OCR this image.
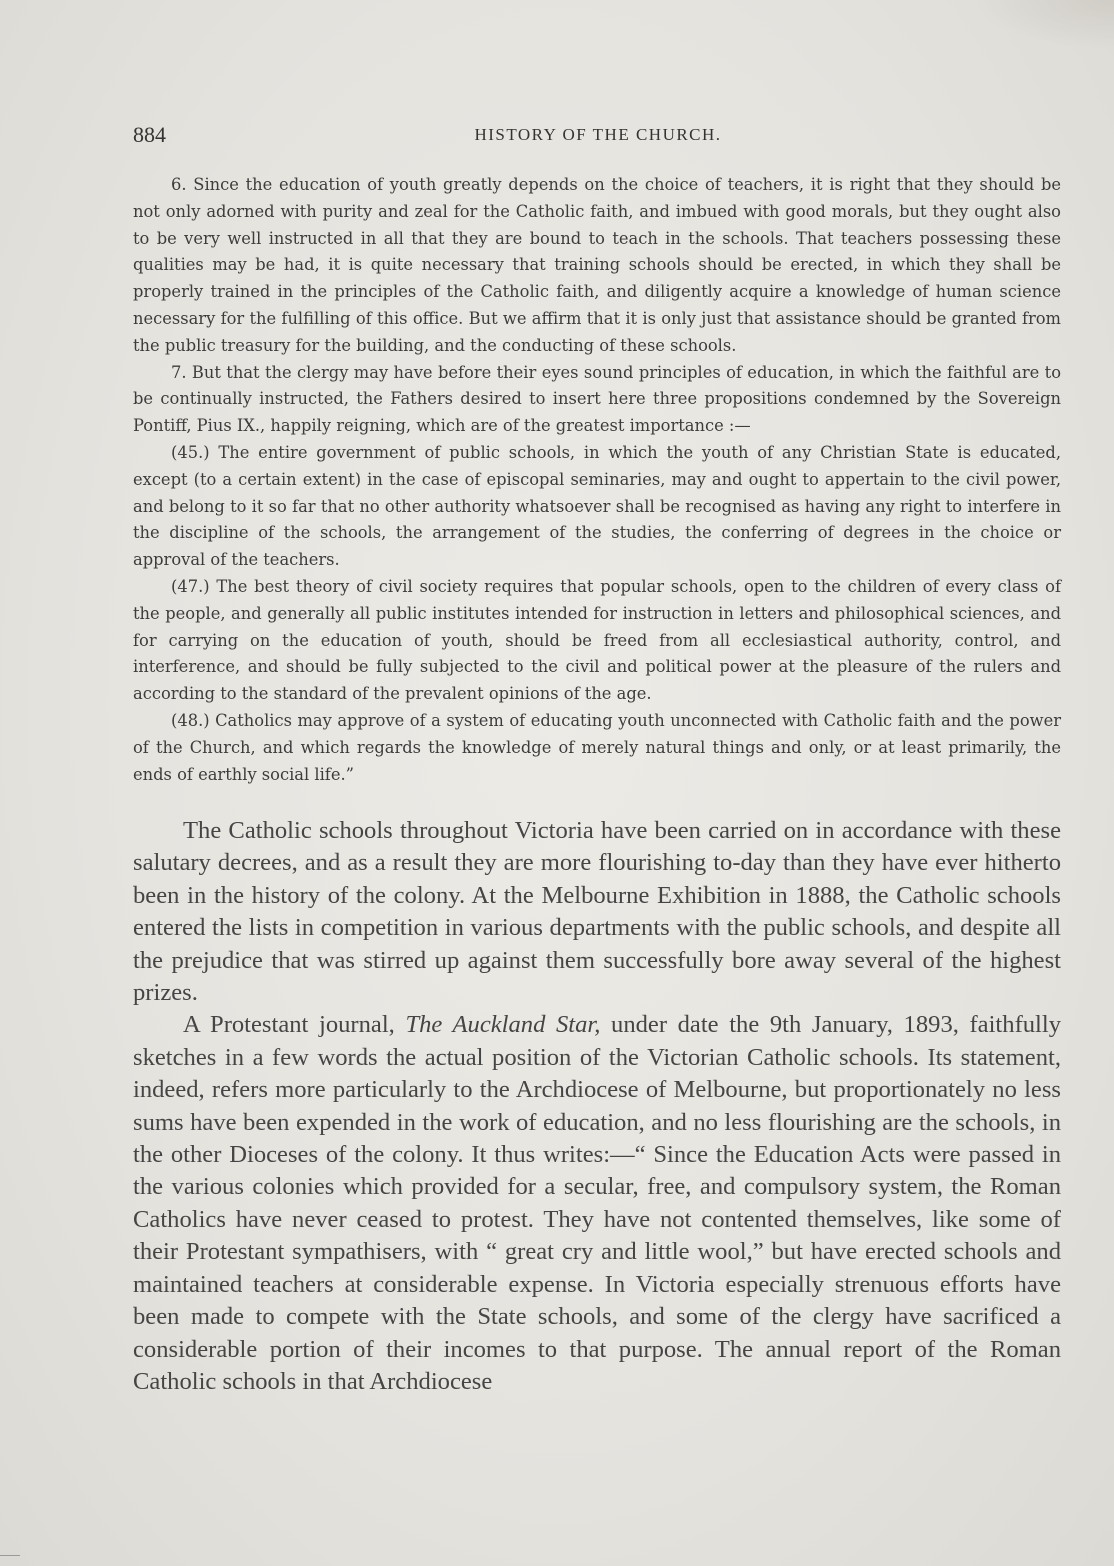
884	HISTORY OF THE CHURCH.

6. Since the education of youth greatly depends on the choice of teachers, it is right that they should be not only adorned with purity and zeal for the Catholic faith, and imbued with good morals, but they ought also to be very well instructed in all that they are bound to teach in the schools. That teachers possessing these qualities may be had, it is quite necessary that training schools should be erected, in which they shall be properly trained in the principles of the Catholic faith, and diligently acquire a knowledge of human science necessary for the fulfilling of this office. But we affirm that it is only just that assistance should be granted from the public treasury for the building, and the conducting of these schools.

7. But that the clergy may have before their eyes sound principles of education, in which the faithful are to be continually instructed, the Fathers desired to insert here three propositions condemned by the Sovereign Pontiff, Pius IX., happily reigning, which are of the greatest importance :—

(45.) The entire government of public schools, in which the youth of any Christian State is educated, except (to a certain extent) in the case of episcopal seminaries, may and ought to appertain to the civil power, and belong to it so far that no other authority whatsoever shall be recognised as having any right to interfere in the discipline of the schools, the arrangement of the studies, the conferring of degrees in the choice or approval of the teachers.

(47.) The best theory of civil society requires that popular schools, open to the children of every class of the people, and generally all public institutes intended for instruction in letters and philosophical sciences, and for carrying on the education of youth, should be freed from all ecclesiastical authority, control, and interference, and should be fully subjected to the civil and political power at the pleasure of the rulers and according to the standard of the prevalent opinions of the age.

(48.) Catholics may approve of a system of educating youth unconnected with Catholic faith and the power of the Church, and which regards the knowledge of merely natural things and only, or at least primarily, the ends of earthly social life.”

The Catholic schools throughout Victoria have been carried on in accordance with these salutary decrees, and as a result they are more flourishing to-day than they have ever hitherto been in the history of the colony. At the Melbourne Exhibition in 1888, the Catholic schools entered the lists in competition in various departments with the public schools, and despite all the prejudice that was stirred up against them successfully bore away several of the highest prizes.

A Protestant journal, The Auckland Star, under date the 9th January, 1893, faithfully sketches in a few words the actual position of the Victorian Catholic schools. Its statement, indeed, refers more particularly to the Archdiocese of Melbourne, but proportionately no less sums have been expended in the work of education, and no less flourishing are the schools, in the other Dioceses of the colony. It thus writes:—“ Since the Education Acts were passed in the various colonies which provided for a secular, free, and compulsory system, the Roman Catholics have never ceased to protest. They have not contented themselves, like some of their Protestant sympathisers, with “ great cry and little wool,” but have erected schools and maintained teachers at considerable expense. In Victoria especially strenuous efforts have been made to compete with the State schools, and some of the clergy have sacrificed a considerable portion of their incomes to that purpose. The annual report of the Roman Catholic schools in that Archdiocese
